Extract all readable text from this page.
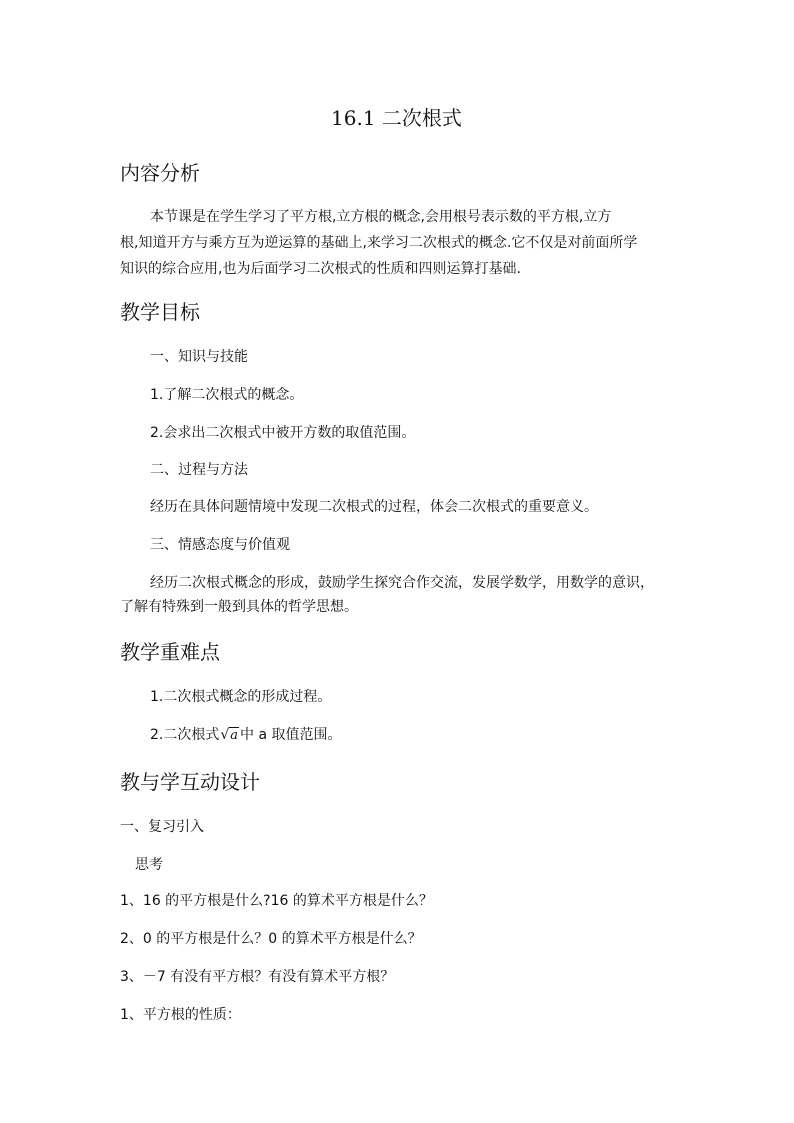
16.1 二次根式
内容分析
本节课是在学生学习了平方根,立方根的概念,会用根号表示数的平方根,立方
根,知道开方与乘方互为逆运算的基础上,来学习二次根式的概念.它不仅是对前面所学
知识的综合应用,也为后面学习二次根式的性质和四则运算打基础.
教学目标
一、知识与技能
1.了解二次根式的概念。
2.会求出二次根式中被开方数的取值范围。
二、过程与方法
经历在具体问题情境中发现二次根式的过程，体会二次根式的重要意义。
三、情感态度与价值观
经历二次根式概念的形成，鼓励学生探究合作交流，发展学数学，用数学的意识，
了解有特殊到一般到具体的哲学思想。
教学重难点
1.二次根式概念的形成过程。
2.二次根式√a 中 a 取值范围。
教与学互动设计
一、复习引入
思考
1、16 的平方根是什么?16 的算术平方根是什么？
2、0 的平方根是什么？0 的算术平方根是什么？
3、－7 有没有平方根？有没有算术平方根？
1、平方根的性质：
